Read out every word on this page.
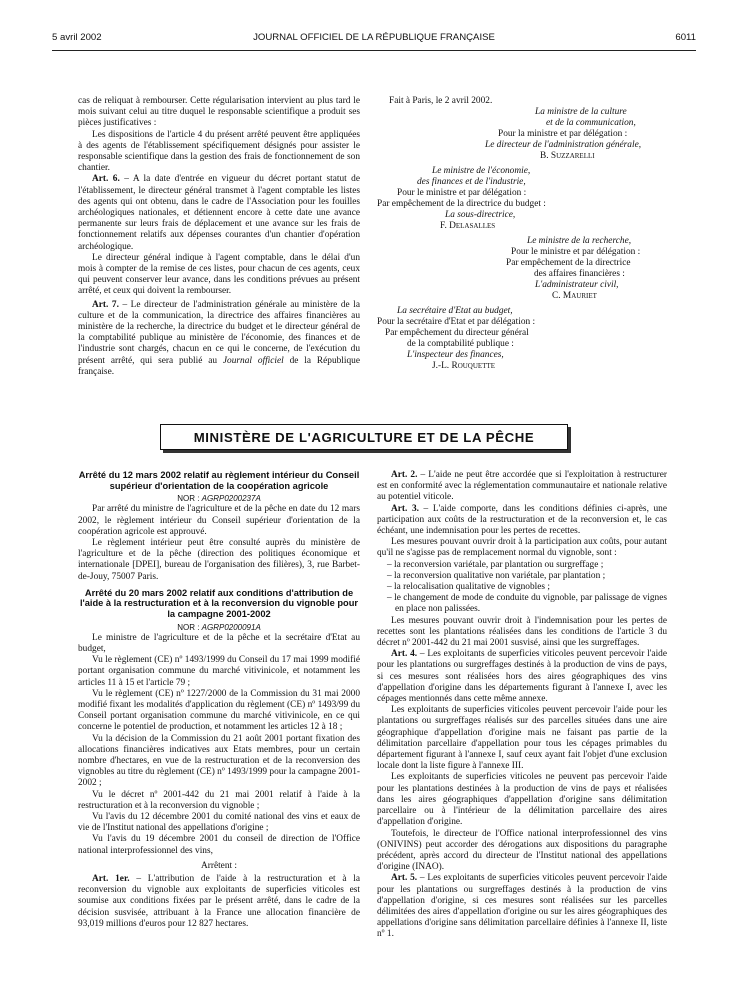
5 avril 2002	JOURNAL OFFICIEL DE LA RÉPUBLIQUE FRANÇAISE	6011

cas de reliquat à rembourser. Cette régularisation intervient au plus tard le mois suivant celui au titre duquel le responsable scientifique a produit ses pièces justificatives :

Les dispositions de l'article 4 du présent arrêté peuvent être appliquées à des agents de l'établissement spécifiquement désignés pour assister le responsable scientifique dans la gestion des frais de fonctionnement de son chantier.

Art. 6. – A la date d'entrée en vigueur du décret portant statut de l'établissement, le directeur général transmet à l'agent comptable les listes des agents qui ont obtenu, dans le cadre de l'Association pour les fouilles archéologiques nationales, et détiennent encore à cette date une avance permanente sur leurs frais de déplacement et une avance sur les frais de fonctionnement relatifs aux dépenses courantes d'un chantier d'opération archéologique.

Le directeur général indique à l'agent comptable, dans le délai d'un mois à compter de la remise de ces listes, pour chacun de ces agents, ceux qui peuvent conserver leur avance, dans les conditions prévues au présent arrêté, et ceux qui doivent la rembourser.

Art. 7. – Le directeur de l'administration générale au ministère de la culture et de la communication, la directrice des affaires financières au ministère de la recherche, la directrice du budget et le directeur général de la comptabilité publique au ministère de l'économie, des finances et de l'industrie sont chargés, chacun en ce qui le concerne, de l'exécution du présent arrêté, qui sera publié au Journal officiel de la République française.

Fait à Paris, le 2 avril 2002.
La ministre de la culture
et de la communication,
Pour la ministre et par délégation :
Le directeur de l'administration générale,
B. Suzzarelli
Le ministre de l'économie,
des finances et de l'industrie,
Pour le ministre et par délégation :
Par empêchement de la directrice du budget :
La sous-directrice,
F. Delasalles
Le ministre de la recherche,
Pour le ministre et par délégation :
Par empêchement de la directrice
des affaires financières :
L'administrateur civil,
C. Mauriet
La secrétaire d'Etat au budget,
Pour la secrétaire d'Etat et par délégation :
Par empêchement du directeur général
de la comptabilité publique :
L'inspecteur des finances,
J.-L. Rouquette
MINISTÈRE DE L'AGRICULTURE ET DE LA PÊCHE
Arrêté du 12 mars 2002 relatif au règlement intérieur du Conseil supérieur d'orientation de la coopération agricole

NOR : AGRP0200237A

Par arrêté du ministre de l'agriculture et de la pêche en date du 12 mars 2002, le règlement intérieur du Conseil supérieur d'orientation de la coopération agricole est approuvé.

Le règlement intérieur peut être consulté auprès du ministère de l'agriculture et de la pêche (direction des politiques économique et internationale [DPEI], bureau de l'organisation des filières), 3, rue Barbet-de-Jouy, 75007 Paris.

Arrêté du 20 mars 2002 relatif aux conditions d'attribution de l'aide à la restructuration et à la reconversion du vignoble pour la campagne 2001-2002

NOR : AGRP0200091A

Le ministre de l'agriculture et de la pêche et la secrétaire d'Etat au budget,

Vu le règlement (CE) nº 1493/1999 du Conseil du 17 mai 1999 modifié portant organisation commune du marché vitivinicole, et notamment les articles 11 à 15 et l'article 79 ;

Vu le règlement (CE) nº 1227/2000 de la Commission du 31 mai 2000 modifié fixant les modalités d'application du règlement (CE) nº 1493/99 du Conseil portant organisation commune du marché vitivinicole, en ce qui concerne le potentiel de production, et notamment les articles 12 à 18 ;

Vu la décision de la Commission du 21 août 2001 portant fixation des allocations financières indicatives aux Etats membres, pour un certain nombre d'hectares, en vue de la restructuration et de la reconversion des vignobles au titre du règlement (CE) nº 1493/1999 pour la campagne 2001-2002 ;

Vu le décret nº 2001-442 du 21 mai 2001 relatif à l'aide à la restructuration et à la reconversion du vignoble ;

Vu l'avis du 12 décembre 2001 du comité national des vins et eaux de vie de l'Institut national des appellations d'origine ;

Vu l'avis du 19 décembre 2001 du conseil de direction de l'Office national interprofessionnel des vins,

Arrêtent :

Art. 1er. – L'attribution de l'aide à la restructuration et à la reconversion du vignoble aux exploitants de superficies viticoles est soumise aux conditions fixées par le présent arrêté, dans le cadre de la décision susvisée, attribuant à la France une allocation financière de 93,019 millions d'euros pour 12 827 hectares.

Art. 2. – L'aide ne peut être accordée que si l'exploitation à restructurer est en conformité avec la réglementation communautaire et nationale relative au potentiel viticole.

Art. 3. – L'aide comporte, dans les conditions définies ci-après, une participation aux coûts de la restructuration et de la reconversion et, le cas échéant, une indemnisation pour les pertes de recettes.

Les mesures pouvant ouvrir droit à la participation aux coûts, pour autant qu'il ne s'agisse pas de remplacement normal du vignoble, sont :

– la reconversion variétale, par plantation ou surgreffage ;
– la reconversion qualitative non variétale, par plantation ;
– la relocalisation qualitative de vignobles ;
– le changement de mode de conduite du vignoble, par palissage de vignes en place non palissées.

Les mesures pouvant ouvrir droit à l'indemnisation pour les pertes de recettes sont les plantations réalisées dans les conditions de l'article 3 du décret nº 2001-442 du 21 mai 2001 susvisé, ainsi que les surgreffages.

Art. 4. – Les exploitants de superficies viticoles peuvent percevoir l'aide pour les plantations ou surgreffages destinés à la production de vins de pays, si ces mesures sont réalisées hors des aires géographiques des vins d'appellation d'origine dans les départements figurant à l'annexe I, avec les cépages mentionnés dans cette même annexe.

Les exploitants de superficies viticoles peuvent percevoir l'aide pour les plantations ou surgreffages réalisés sur des parcelles situées dans une aire géographique d'appellation d'origine mais ne faisant pas partie de la délimitation parcellaire d'appellation pour tous les cépages primables du département figurant à l'annexe I, sauf ceux ayant fait l'objet d'une exclusion locale dont la liste figure à l'annexe III.

Les exploitants de superficies viticoles ne peuvent pas percevoir l'aide pour les plantations destinées à la production de vins de pays et réalisées dans les aires géographiques d'appellation d'origine sans délimitation parcellaire ou à l'intérieur de la délimitation parcellaire des aires d'appellation d'origine.

Toutefois, le directeur de l'Office national interprofessionnel des vins (ONIVINS) peut accorder des dérogations aux dispositions du paragraphe précédent, après accord du directeur de l'Institut national des appellations d'origine (INAO).

Art. 5. – Les exploitants de superficies viticoles peuvent percevoir l'aide pour les plantations ou surgreffages destinés à la production de vins d'appellation d'origine, si ces mesures sont réalisées sur les parcelles délimitées des aires d'appellation d'origine ou sur les aires géographiques des appellations d'origine sans délimitation parcellaire définies à l'annexe II, liste nº 1.
